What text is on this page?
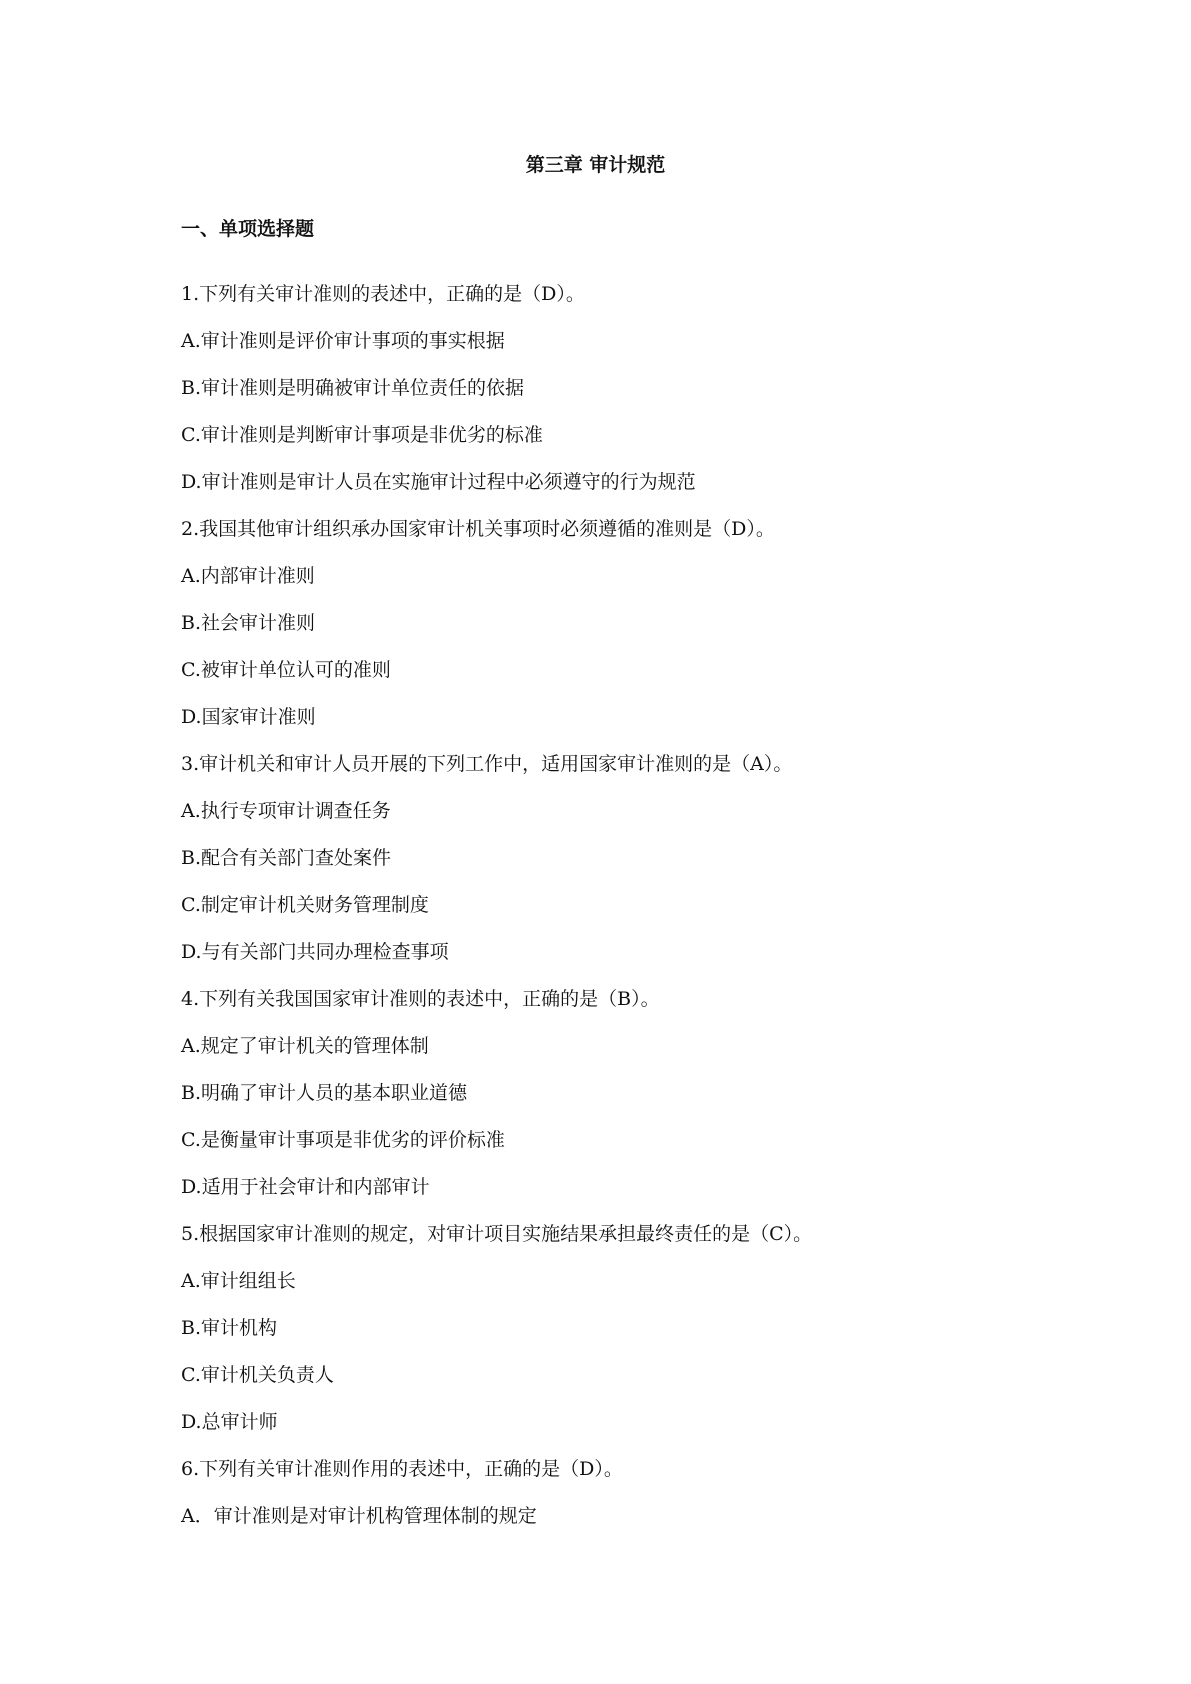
第三章 审计规范
一、单项选择题
1.下列有关审计准则的表述中，正确的是（D）。
A.审计准则是评价审计事项的事实根据
B.审计准则是明确被审计单位责任的依据
C.审计准则是判断审计事项是非优劣的标准
D.审计准则是审计人员在实施审计过程中必须遵守的行为规范
2.我国其他审计组织承办国家审计机关事项时必须遵循的准则是（D）。
A.内部审计准则
B.社会审计准则
C.被审计单位认可的准则
D.国家审计准则
3.审计机关和审计人员开展的下列工作中，适用国家审计准则的是（A）。
A.执行专项审计调查任务
B.配合有关部门查处案件
C.制定审计机关财务管理制度
D.与有关部门共同办理检查事项
4.下列有关我国国家审计准则的表述中，正确的是（B）。
A.规定了审计机关的管理体制
B.明确了审计人员的基本职业道德
C.是衡量审计事项是非优劣的评价标准
D.适用于社会审计和内部审计
5.根据国家审计准则的规定，对审计项目实施结果承担最终责任的是（C）。
A.审计组组长
B.审计机构
C.审计机关负责人
D.总审计师
6.下列有关审计准则作用的表述中，正确的是（D）。
A．审计准则是对审计机构管理体制的规定
